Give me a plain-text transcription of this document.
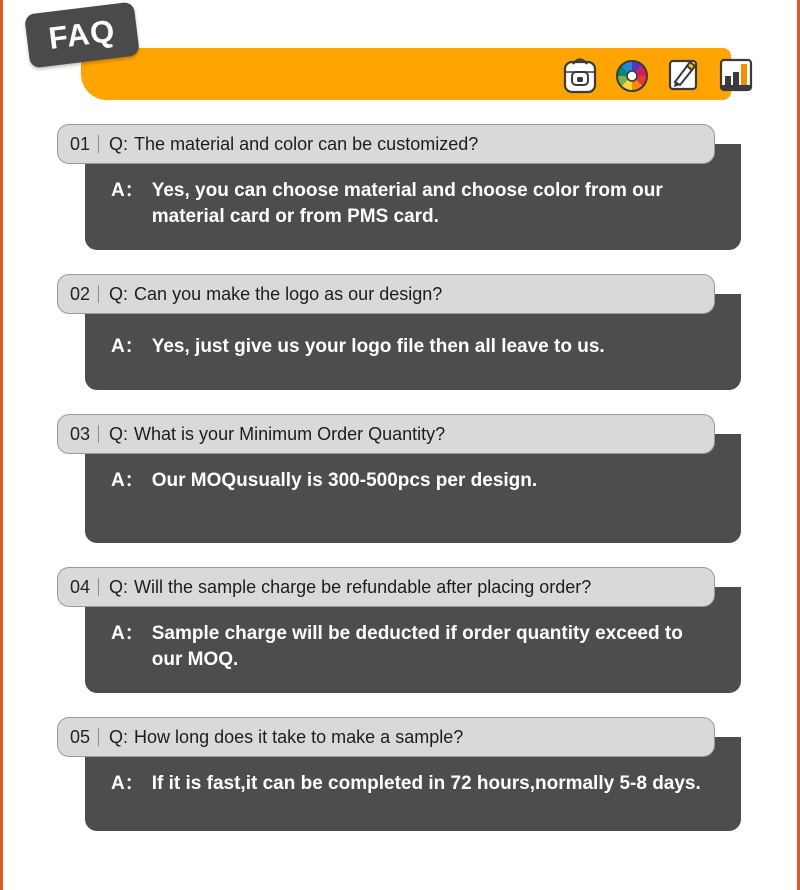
FAQ
01	Q: The material and color can be customized?
A： Yes, you can choose material and choose color from our material card or from PMS card.
02	Q: Can you make the logo as our design?
A： Yes, just give us your logo file then all leave to us.
03	Q: What is your Minimum Order Quantity?
A： Our MOQusually is 300-500pcs per design.
04	Q: Will the sample charge be refundable after placing order?
A： Sample charge will be deducted if order quantity exceed to our MOQ.
05	Q: How long does it take to make a sample?
A： If it is fast,it can be completed in 72 hours,normally 5-8 days.
